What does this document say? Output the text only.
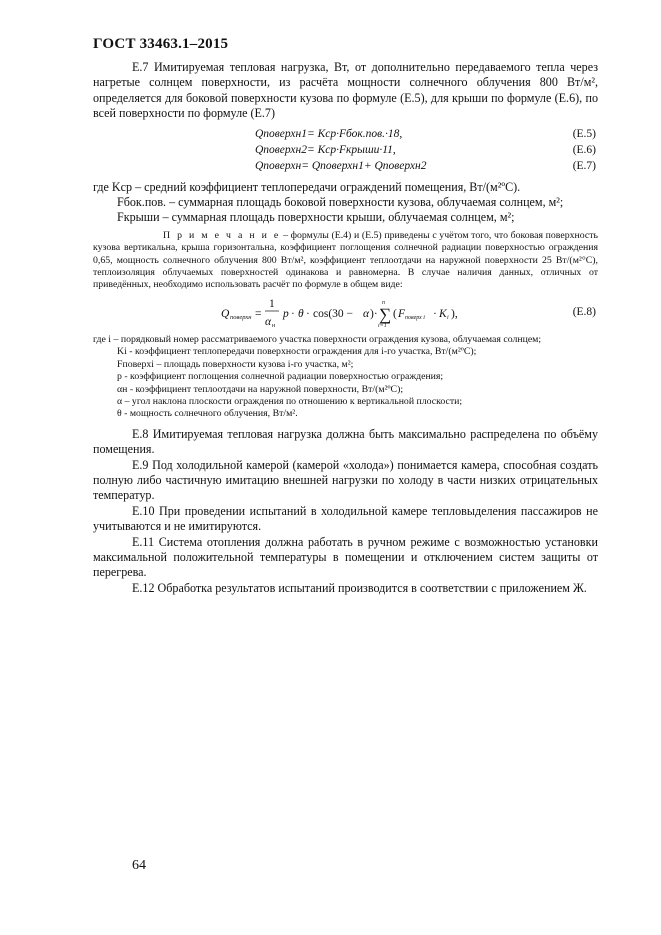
ГОСТ 33463.1–2015

Е.7 Имитируемая тепловая нагрузка, Вт, от дополнительно передаваемого тепла через нагретые солнцем поверхности, из расчёта мощности солнечного облучения 800 Вт/м², определяется для боковой поверхности кузова по формуле (Е.5), для крыши по формуле (Е.6), по всей поверхности по формуле (Е.7)

Qповерхн1= Kср·Fбок.пов.·18,	(Е.5)
Qповерхн2= Kср·Fкрыши·11,	(Е.6)
Qповерхн= Qповерхн1+ Qповерхн2	(Е.7)

где Kср – средний коэффициент теплопередачи ограждений помещения, Вт/(м²ºС).

Fбок.пов. – суммарная площадь боковой поверхности кузова, облучаемая солнцем, м²;

Fкрыши – суммарная площадь поверхности крыши, облучаемая солнцем, м²;

П р и м е ч а н и е – формулы (Е.4) и (Е.5) приведены с учётом того, что боковая поверхность кузова вертикальна, крыша горизонтальна, коэффициент поглощения солнечной радиации поверхностью ограждения 0,65, мощность солнечного облучения 800 Вт/м², коэффициент теплоотдачи на наружной поверхности 25 Вт/(м²°С), теплоизоляция облучаемых поверхностей одинакова и равномерна. В случае наличия данных, отличных от приведённых, необходимо использовать расчёт по формуле в общем виде:

Q поверхн =
1
α н
p · θ · cos(30 − α )· ∑
n
i=1
( F поверх i · K i ),	(Е.8)

где i – порядковый номер рассматриваемого участка поверхности ограждения кузова, облучаемая солнцем;

Ki - коэффициент теплопередачи поверхности ограждения для i-го участка, Вт/(м²ºС);

Fповерхi – площадь поверхности кузова i-го участка, м²;

p - коэффициент поглощения солнечной радиации поверхностью ограждения;

αн - коэффициент теплоотдачи на наружной поверхности, Вт/(м²ºС);

α – угол наклона плоскости ограждения по отношению к вертикальной плоскости;

θ - мощность солнечного облучения, Вт/м².

Е.8 Имитируемая тепловая нагрузка должна быть максимально распределена по объёму помещения.

Е.9 Под холодильной камерой (камерой «холода») понимается камера, способная создать полную либо частичную имитацию внешней нагрузки по холоду в части низких отрицательных температур.

Е.10 При проведении испытаний в холодильной камере тепловыделения пассажиров не учитываются и не имитируются.

Е.11 Система отопления должна работать в ручном режиме с возможностью установки максимальной положительной температуры в помещении и отключением систем защиты от перегрева.

Е.12 Обработка результатов испытаний производится в соответствии с приложением Ж.

64
